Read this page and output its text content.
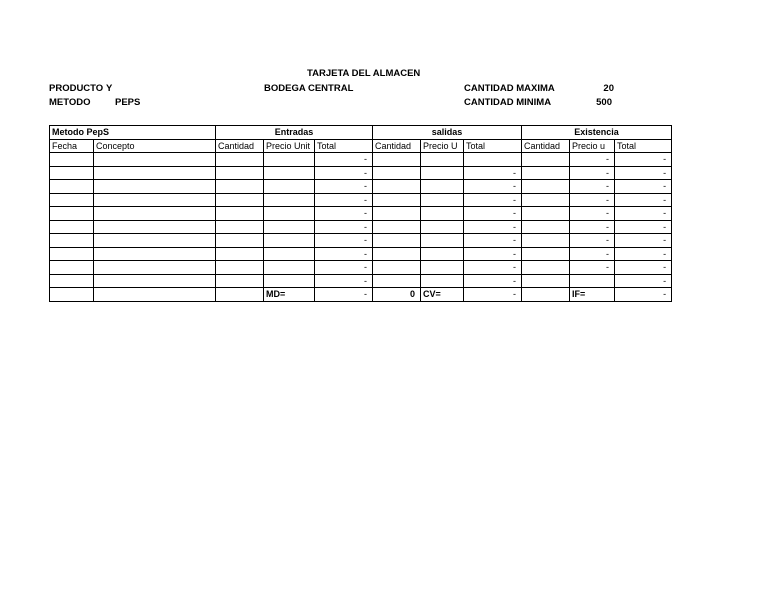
TARJETA DEL ALMACEN
PRODUCTO Y
METODO	PEPS
BODEGA CENTRAL	CANTIDAD MAXIMA	20
CANTIDAD MINIMA	500
Metodo PepS		Entradas			salidas			Existencia		
Fecha	Concepto	Cantidad	Precio Unit	Total	Cantidad	Precio U	Total	Cantidad	Precio u	Total
				-					-	-
				-			-		-	-
				-			-		-	-
				-			-		-	-
				-			-		-	-
				-			-		-	-
				-			-		-	-
				-			-		-	-
				-			-		-	-
				-			-			-
			MD=	-	0	CV=	-		IF=	-
